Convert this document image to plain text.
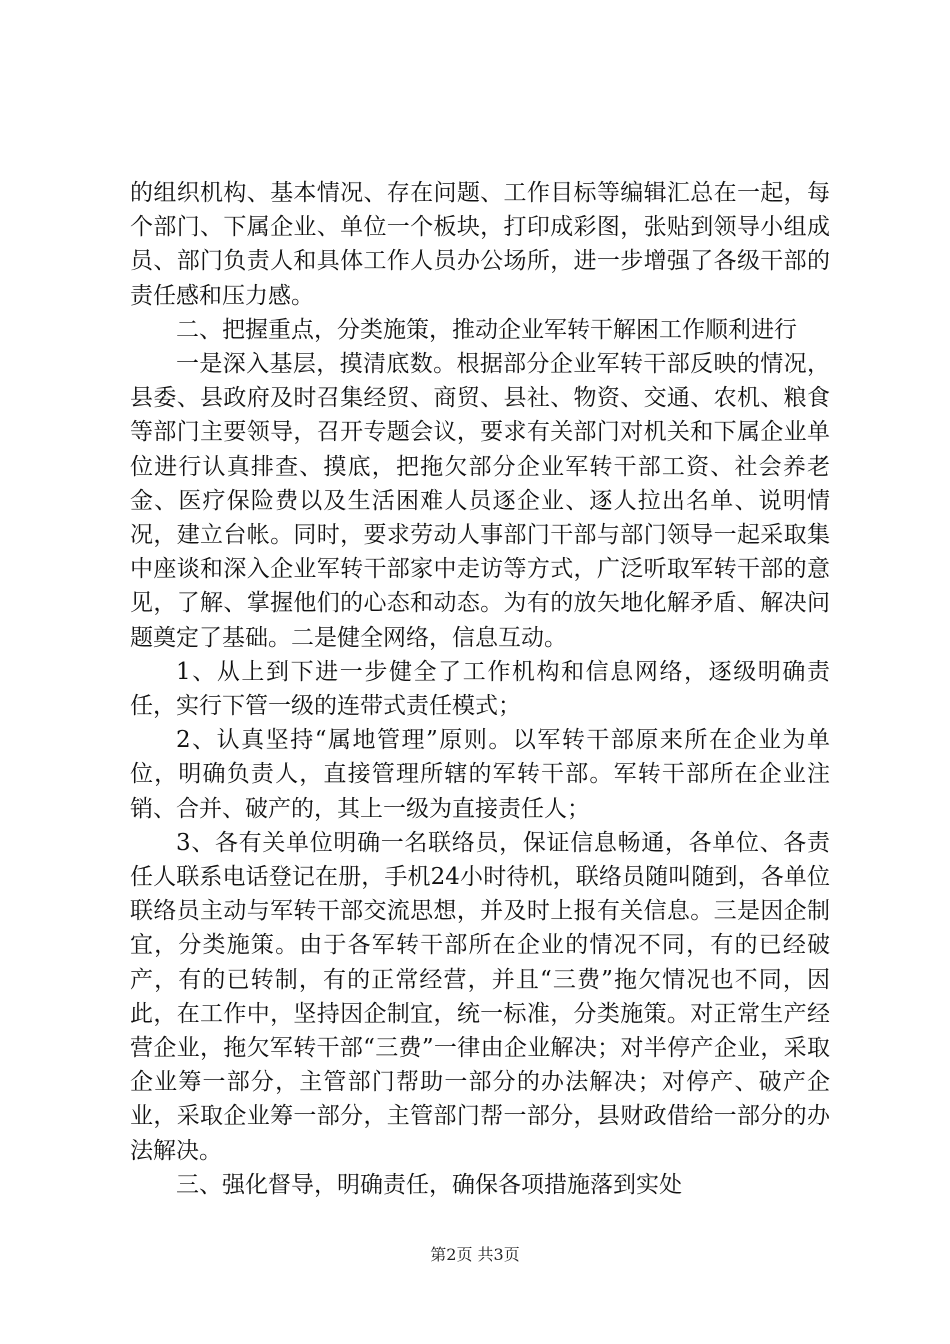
的组织机构、基本情况、存在问题、工作目标等编辑汇总在一起，每个部门、下属企业、单位一个板块，打印成彩图，张贴到领导小组成员、部门负责人和具体工作人员办公场所，进一步增强了各级干部的责任感和压力感。

二、把握重点，分类施策，推动企业军转干解困工作顺利进行

一是深入基层，摸清底数。根据部分企业军转干部反映的情况，县委、县政府及时召集经贸、商贸、县社、物资、交通、农机、粮食等部门主要领导，召开专题会议，要求有关部门对机关和下属企业单位进行认真排查、摸底，把拖欠部分企业军转干部工资、社会养老金、医疗保险费以及生活困难人员逐企业、逐人拉出名单、说明情况，建立台帐。同时，要求劳动人事部门干部与部门领导一起采取集中座谈和深入企业军转干部家中走访等方式，广泛听取军转干部的意见，了解、掌握他们的心态和动态。为有的放矢地化解矛盾、解决问题奠定了基础。二是健全网络，信息互动。

1、从上到下进一步健全了工作机构和信息网络，逐级明确责任，实行下管一级的连带式责任模式；

2、认真坚持“属地管理”原则。以军转干部原来所在企业为单位，明确负责人，直接管理所辖的军转干部。军转干部所在企业注销、合并、破产的，其上一级为直接责任人；

3、各有关单位明确一名联络员，保证信息畅通，各单位、各责任人联系电话登记在册，手机24小时待机，联络员随叫随到，各单位联络员主动与军转干部交流思想，并及时上报有关信息。三是因企制宜，分类施策。由于各军转干部所在企业的情况不同，有的已经破产，有的已转制，有的正常经营，并且“三费”拖欠情况也不同，因此，在工作中，坚持因企制宜，统一标准，分类施策。对正常生产经营企业，拖欠军转干部“三费”一律由企业解决；对半停产企业，采取企业筹一部分，主管部门帮助一部分的办法解决；对停产、破产企业，采取企业筹一部分，主管部门帮一部分，县财政借给一部分的办法解决。

三、强化督导，明确责任，确保各项措施落到实处

第2页 共3页
